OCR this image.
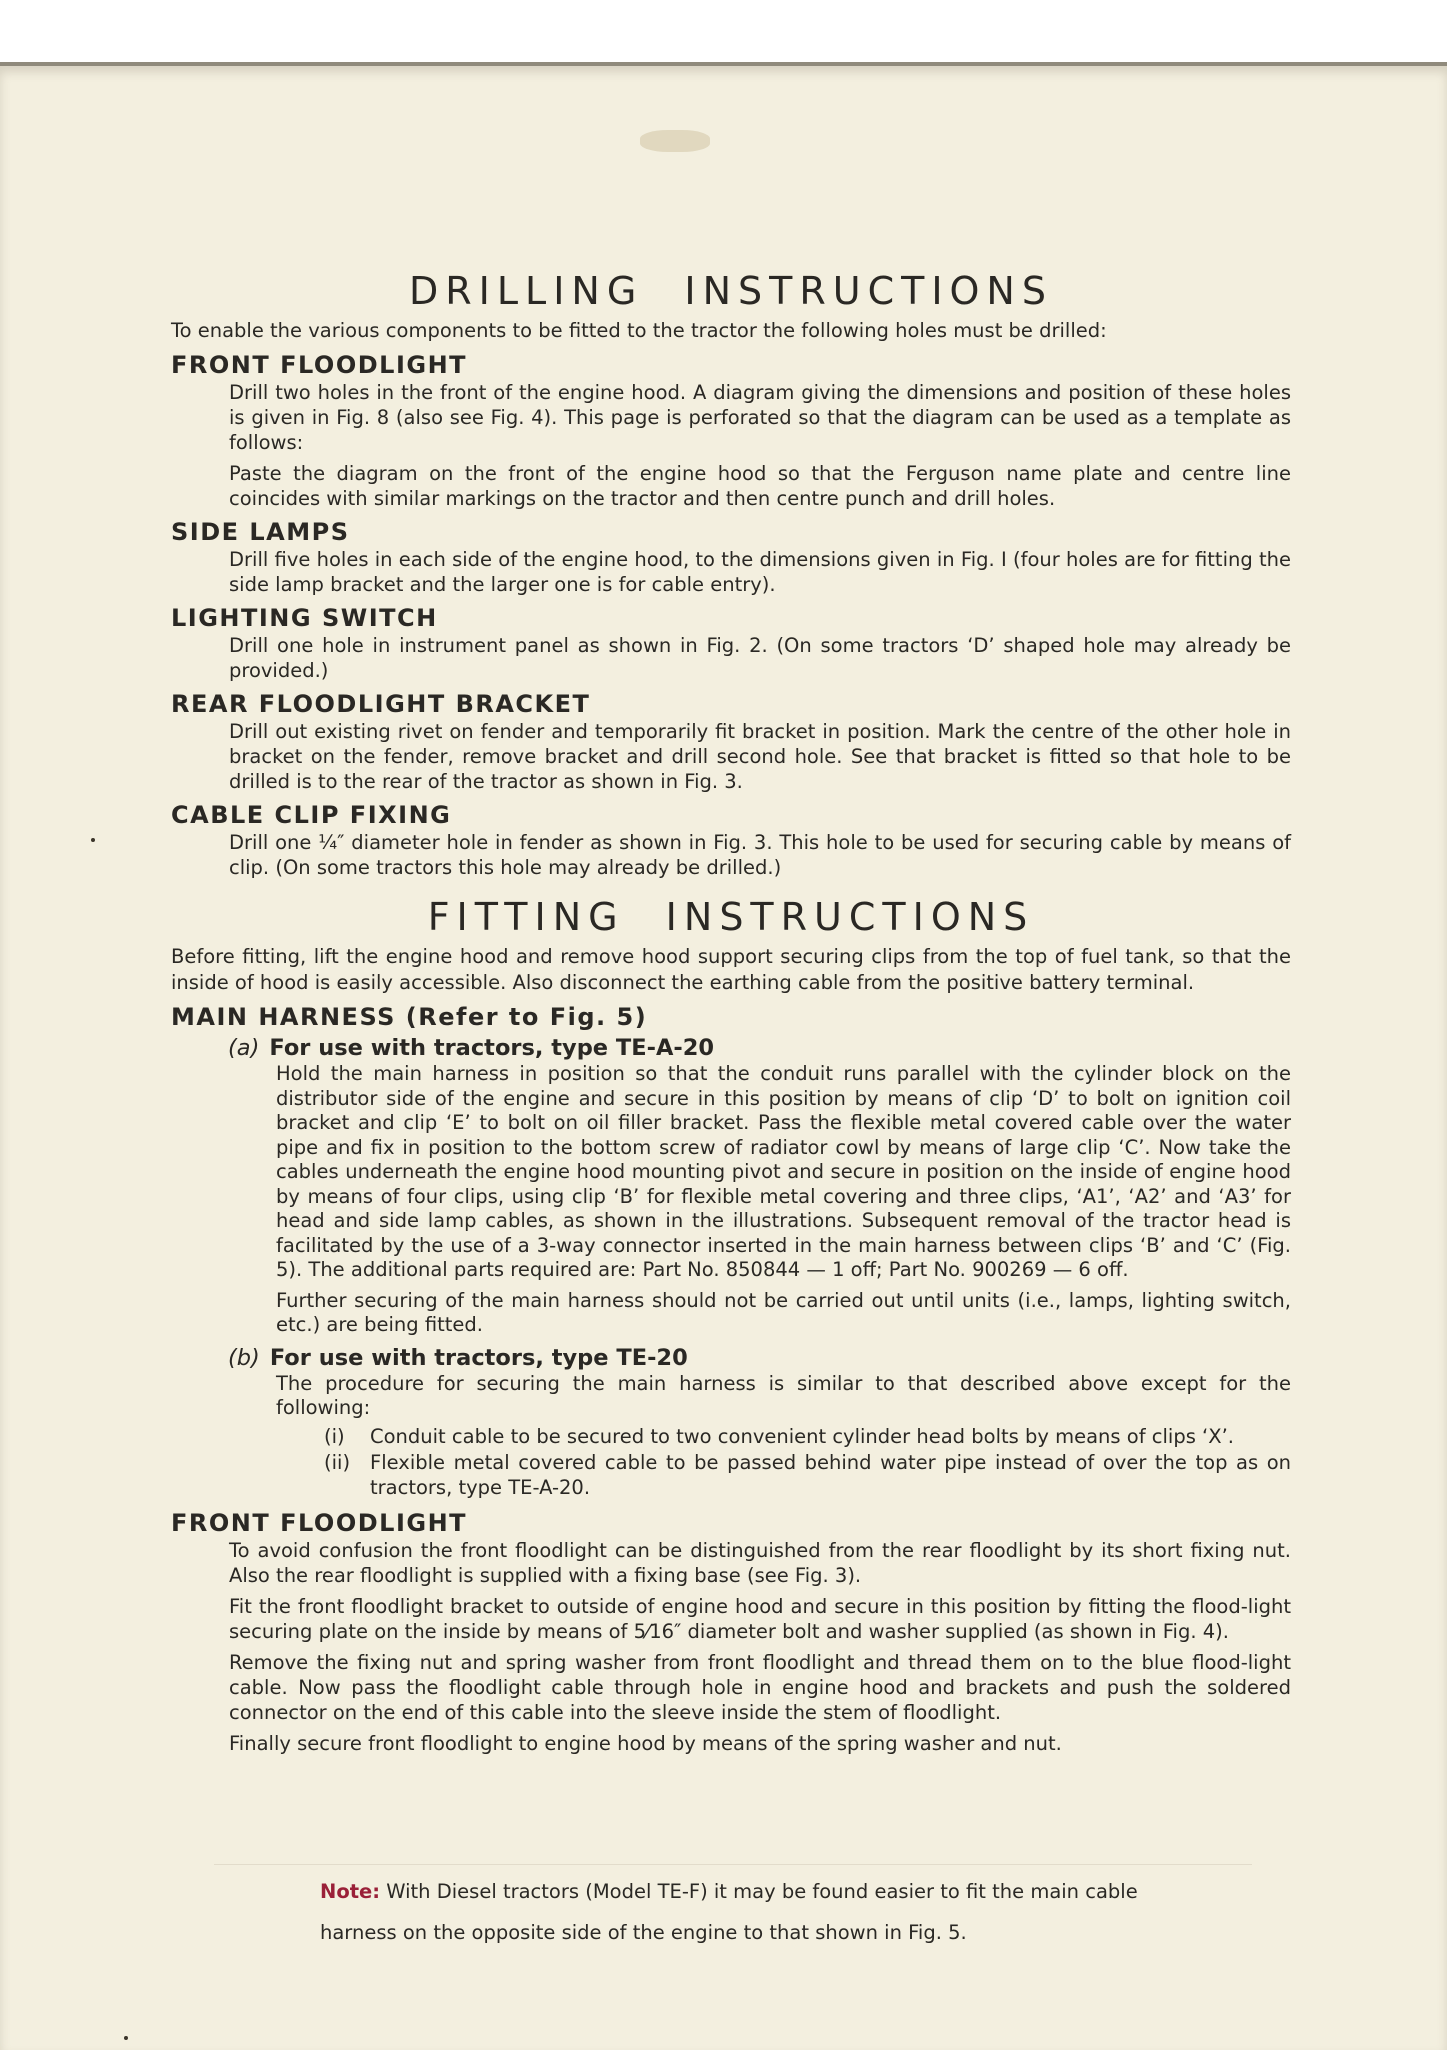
DRILLING INSTRUCTIONS
To enable the various components to be fitted to the tractor the following holes must be drilled:
FRONT FLOODLIGHT

Drill two holes in the front of the engine hood. A diagram giving the dimensions and position of these holes is given in Fig. 8 (also see Fig. 4). This page is perforated so that the diagram can be used as a template as follows:

Paste the diagram on the front of the engine hood so that the Ferguson name plate and centre line coincides with similar markings on the tractor and then centre punch and drill holes.

SIDE LAMPS

Drill five holes in each side of the engine hood, to the dimensions given in Fig. I (four holes are for fitting the side lamp bracket and the larger one is for cable entry).

LIGHTING SWITCH

Drill one hole in instrument panel as shown in Fig. 2. (On some tractors ‘D’ shaped hole may already be provided.)

REAR FLOODLIGHT BRACKET

Drill out existing rivet on fender and temporarily fit bracket in position. Mark the centre of the other hole in bracket on the fender, remove bracket and drill second hole. See that bracket is fitted so that hole to be drilled is to the rear of the tractor as shown in Fig. 3.

CABLE CLIP FIXING

Drill one ¼″ diameter hole in fender as shown in Fig. 3. This hole to be used for securing cable by means of clip. (On some tractors this hole may already be drilled.)

FITTING INSTRUCTIONS
Before fitting, lift the engine hood and remove hood support securing clips from the top of fuel tank, so that the inside of hood is easily accessible. Also disconnect the earthing cable from the positive battery terminal.
MAIN HARNESS (Refer to Fig. 5)
(a) For use with tractors, type TE-A-20

Hold the main harness in position so that the conduit runs parallel with the cylinder block on the distributor side of the engine and secure in this position by means of clip ‘D’ to bolt on ignition coil bracket and clip ‘E’ to bolt on oil filler bracket. Pass the flexible metal covered cable over the water pipe and fix in position to the bottom screw of radiator cowl by means of large clip ‘C’. Now take the cables underneath the engine hood mounting pivot and secure in position on the inside of engine hood by means of four clips, using clip ‘B’ for flexible metal covering and three clips, ‘A1’, ‘A2’ and ‘A3’ for head and side lamp cables, as shown in the illustrations. Subsequent removal of the tractor head is facilitated by the use of a 3-way connector inserted in the main harness between clips ‘B’ and ‘C’ (Fig. 5). The additional parts required are: Part No. 850844 — 1 off; Part No. 900269 — 6 off.

Further securing of the main harness should not be carried out until units (i.e., lamps, lighting switch, etc.) are being fitted.

(b) For use with tractors, type TE-20

The procedure for securing the main harness is similar to that described above except for the following:

(i)	Conduit cable to be secured to two convenient cylinder head bolts by means of clips ‘X’.
(ii)	Flexible metal covered cable to be passed behind water pipe instead of over the top as on tractors, type TE-A-20.
FRONT FLOODLIGHT

To avoid confusion the front floodlight can be distinguished from the rear floodlight by its short fixing nut. Also the rear floodlight is supplied with a fixing base (see Fig. 3).

Fit the front floodlight bracket to outside of engine hood and secure in this position by fitting the flood-light securing plate on the inside by means of 5⁄16″ diameter bolt and washer supplied (as shown in Fig. 4).

Remove the fixing nut and spring washer from front floodlight and thread them on to the blue flood-light cable. Now pass the floodlight cable through hole in engine hood and brackets and push the soldered connector on the end of this cable into the sleeve inside the stem of floodlight.

Finally secure front floodlight to engine hood by means of the spring washer and nut.

Note: With Diesel tractors (Model TE-F) it may be found easier to fit the main cable harness on the opposite side of the engine to that shown in Fig. 5.
